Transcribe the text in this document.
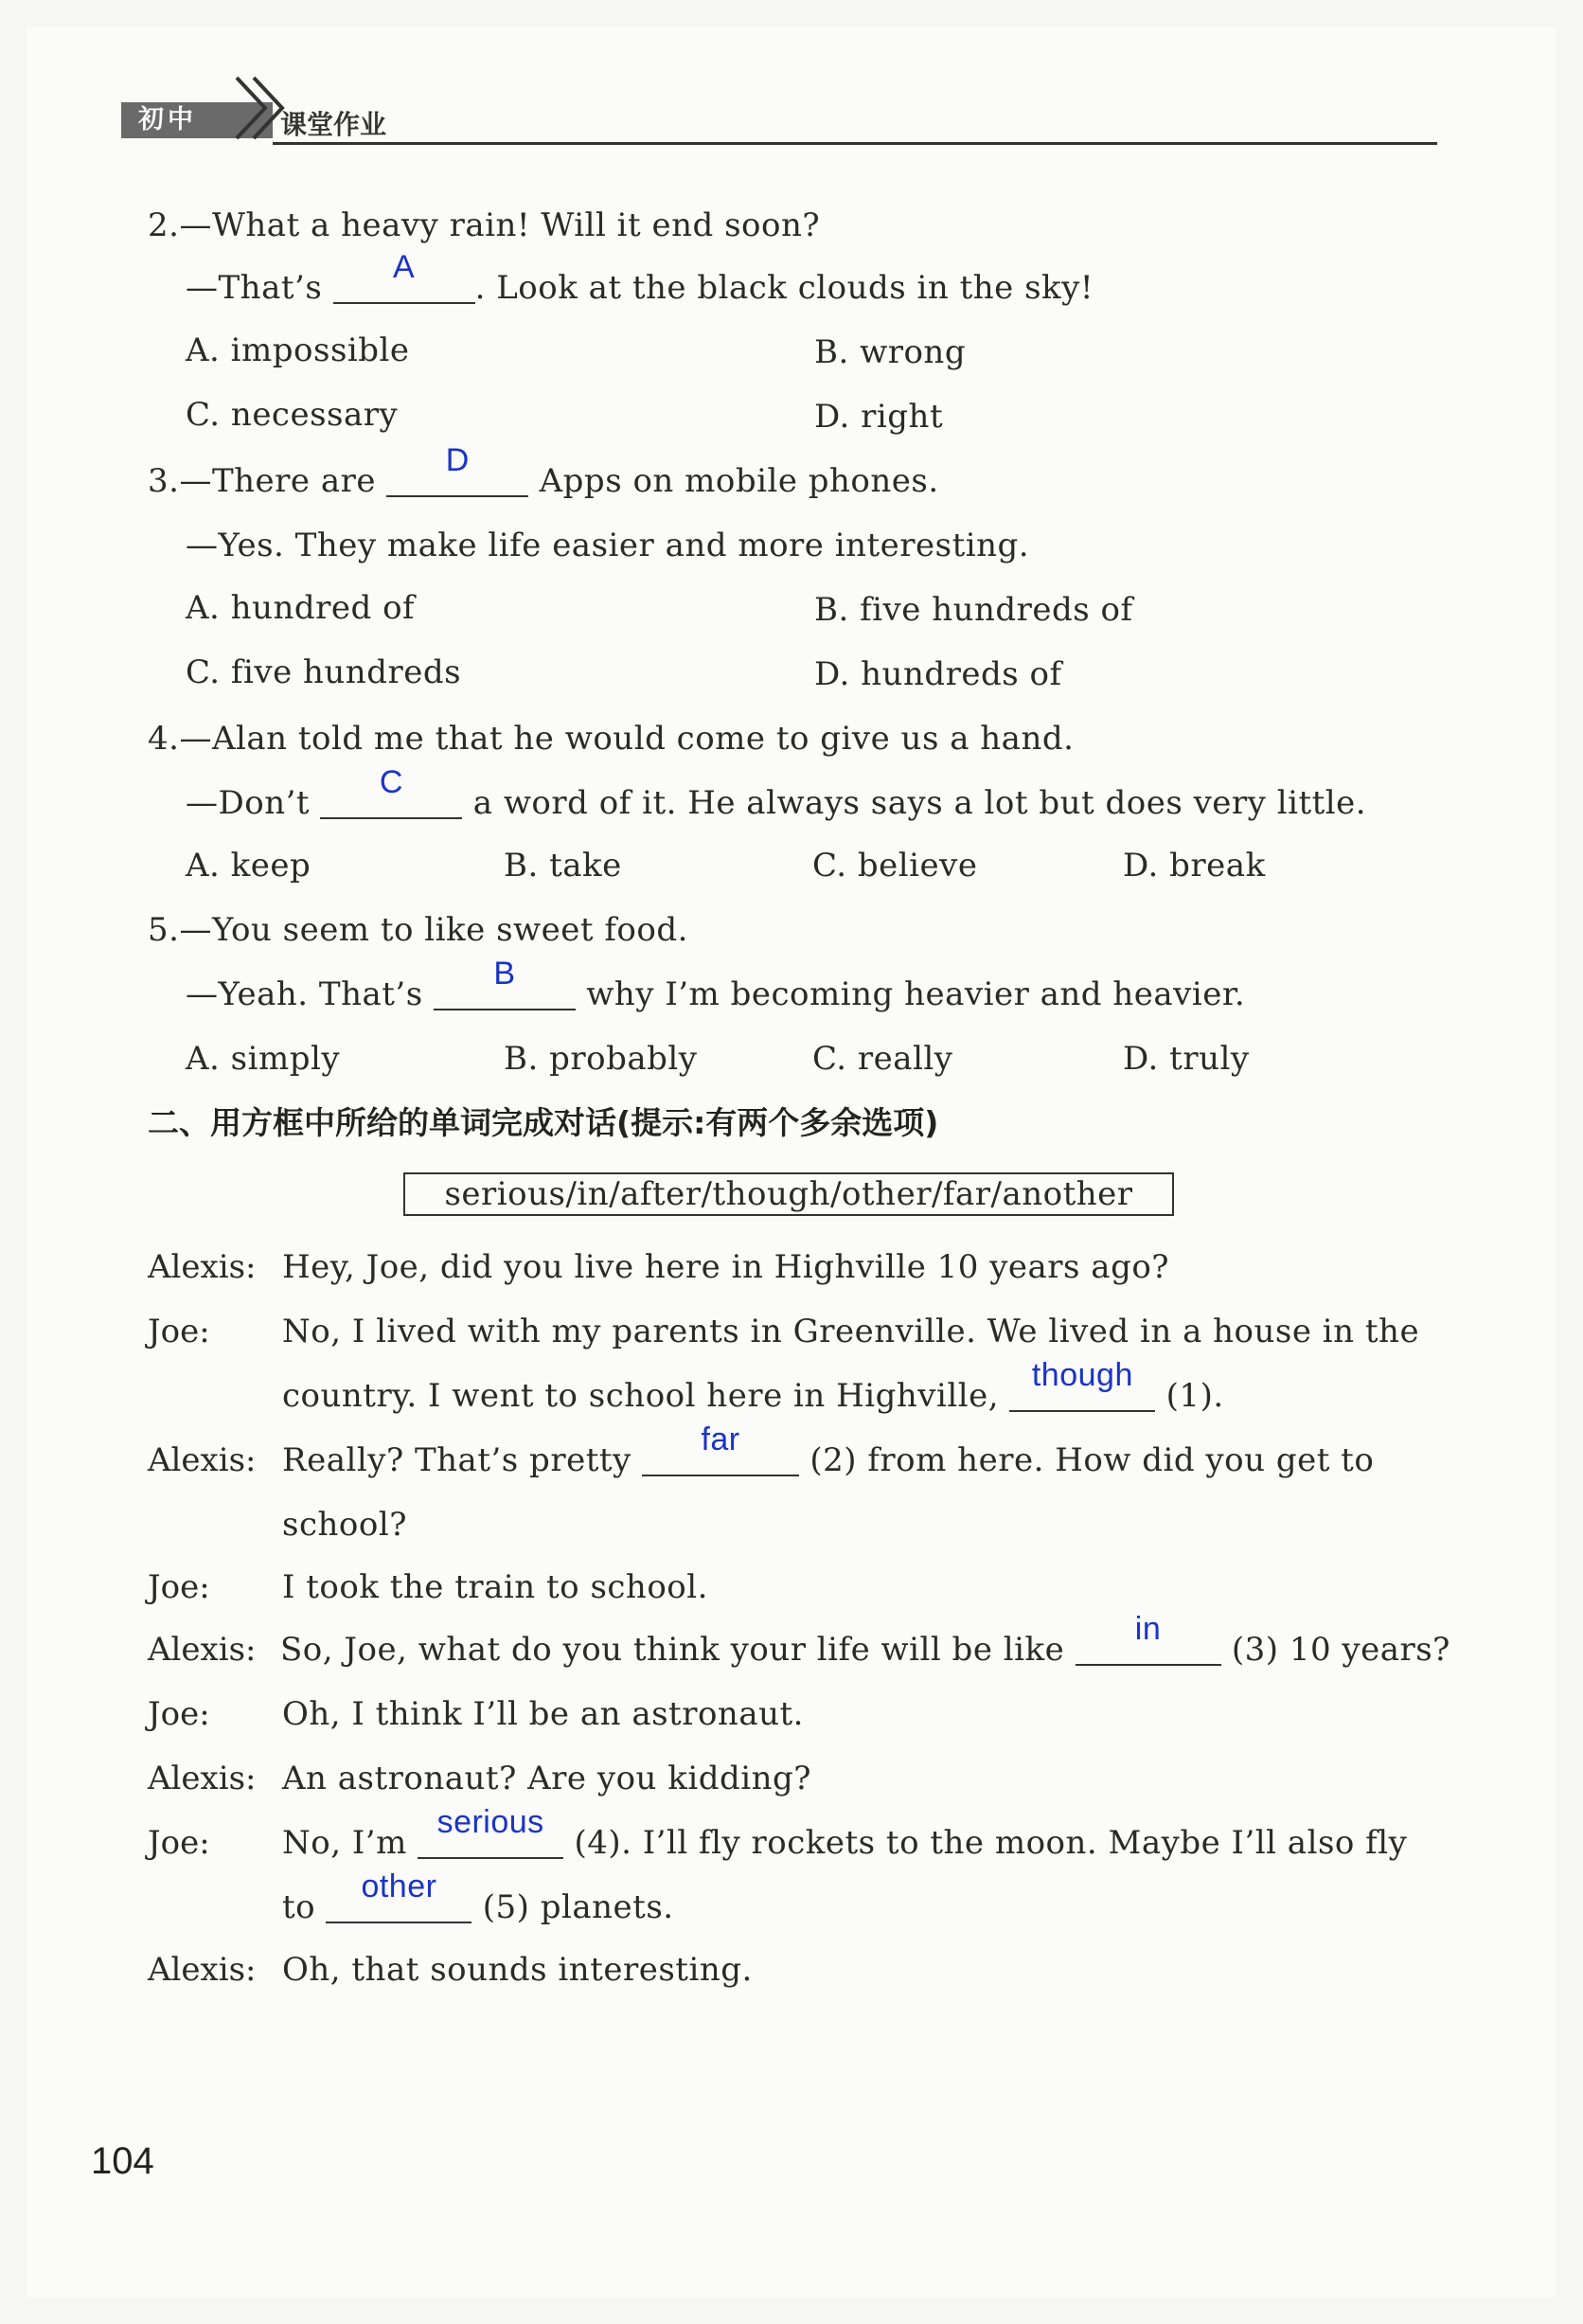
初中	课堂作业
2.—What a heavy rain! Will it end soon?
—That’s
A
. Look at the black clouds in the sky!
A. impossible	B. wrong
C. necessary	D. right
3.—There are
D
Apps on mobile phones.
—Yes. They make life easier and more interesting.
A. hundred of	B. five hundreds of
C. five hundreds	D. hundreds of
4.—Alan told me that he would come to give us a hand.
—Don’t
C
a word of it. He always says a lot but does very little.
A. keep	B. take	C. believe	D. break
5.—You seem to like sweet food.
—Yeah. That’s
B
why I’m becoming heavier and heavier.
A. simply	B. probably	C. really	D. truly
二、用方框中所给的单词完成对话(提示:有两个多余选项)
serious/in/after/though/other/far/another
Alexis: Hey, Joe, did you live here in Highville 10 years ago?
Joe: No, I lived with my parents in Greenville. We lived in a house in the
country. I went to school here in Highville,
though
(1).
Alexis: Really? That’s pretty
far
(2) from here. How did you get to
school?
Joe: I took the train to school.
Alexis: So, Joe, what do you think your life will be like
in
(3) 10 years?
Joe: Oh, I think I’ll be an astronaut.
Alexis: An astronaut? Are you kidding?
Joe: No, I’m
serious
(4). I’ll fly rockets to the moon. Maybe I’ll also fly
to
other
(5) planets.
Alexis: Oh, that sounds interesting.
104
